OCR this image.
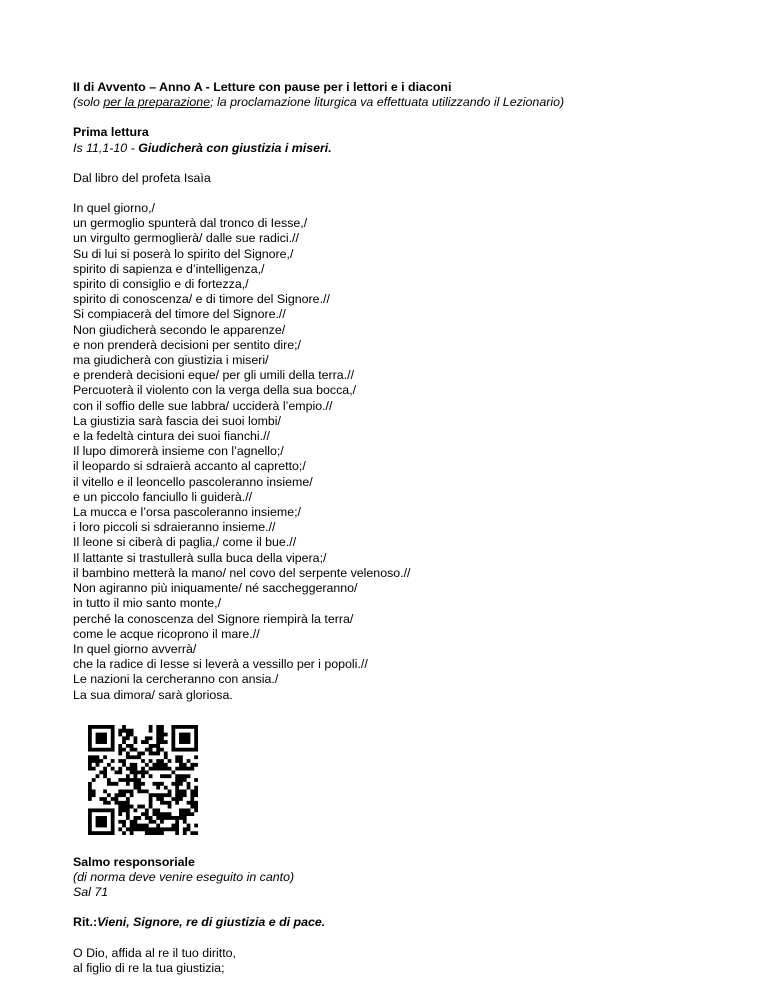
II di Avvento – Anno A - Letture con pause per i lettori e i diaconi
(solo per la preparazione; la proclamazione liturgica va effettuata utilizzando il Lezionario)
Prima lettura
Is 11,1-10 - Giudicherà con giustizia i miseri.
Dal libro del profeta Isaìa
In quel giorno,/
un germoglio spunterà dal tronco di Iesse,/
un virgulto germoglierà/ dalle sue radici.//
Su di lui si poserà lo spirito del Signore,/
spirito di sapienza e d’intelligenza,/
spirito di consiglio e di fortezza,/
spirito di conoscenza/ e di timore del Signore.//
Si compiacerà del timore del Signore.//
Non giudicherà secondo le apparenze/
e non prenderà decisioni per sentito dire;/
ma giudicherà con giustizia i miseri/
e prenderà decisioni eque/ per gli umili della terra.//
Percuoterà il violento con la verga della sua bocca,/
con il soffio delle sue labbra/ ucciderà l’empio.//
La giustizia sarà fascia dei suoi lombi/
e la fedeltà cintura dei suoi fianchi.//
Il lupo dimorerà insieme con l’agnello;/
il leopardo si sdraierà accanto al capretto;/
il vitello e il leoncello pascoleranno insieme/
e un piccolo fanciullo li guiderà.//
La mucca e l’orsa pascoleranno insieme;/
i loro piccoli si sdraieranno insieme.//
Il leone si ciberà di paglia,/ come il bue.//
Il lattante si trastullerà sulla buca della vipera;/
il bambino metterà la mano/ nel covo del serpente velenoso.//
Non agiranno più iniquamente/ né saccheggeranno/
in tutto il mio santo monte,/
perché la conoscenza del Signore riempirà la terra/
come le acque ricoprono il mare.//
In quel giorno avverrà/
che la radice di Iesse si leverà a vessillo per i popoli.//
Le nazioni la cercheranno con ansia./
La sua dimora/ sarà gloriosa.
Salmo responsoriale
(di norma deve venire eseguito in canto)
Sal 71
Rit.:Vieni, Signore, re di giustizia e di pace.
O Dio, affida al re il tuo diritto,
al figlio di re la tua giustizia;
